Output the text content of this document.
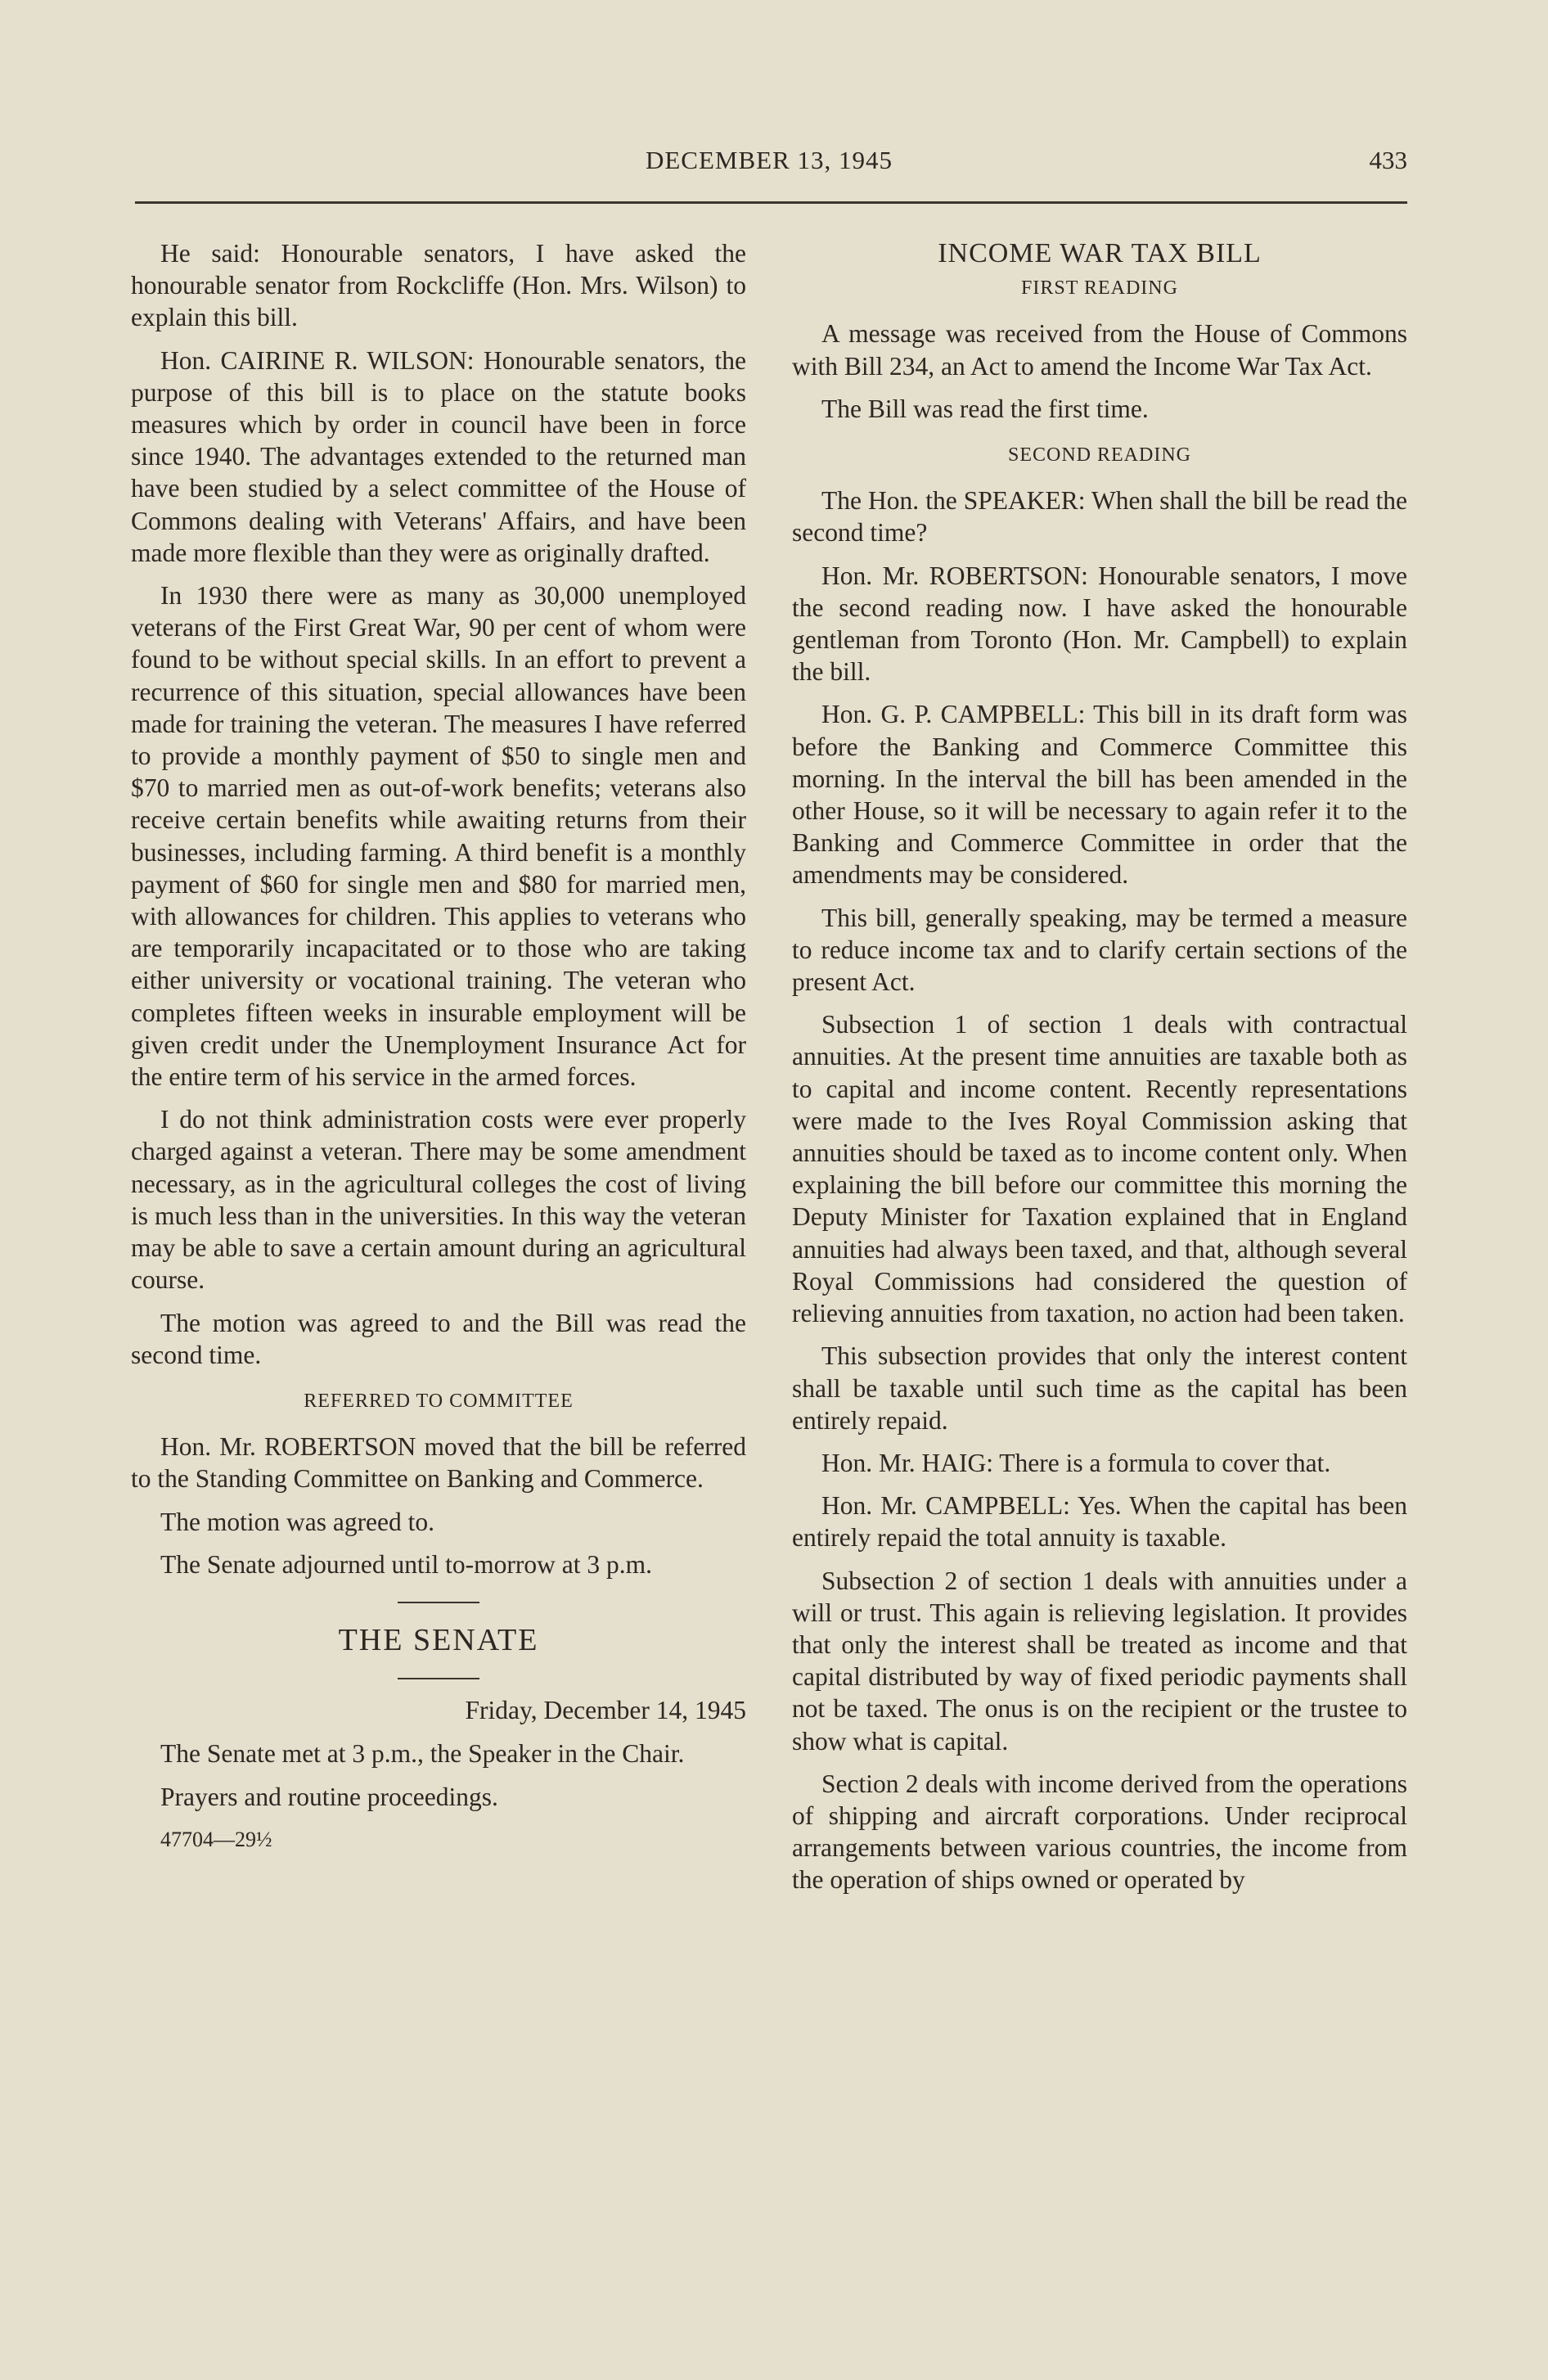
DECEMBER 13, 1945	433

He said: Honourable senators, I have asked the honourable senator from Rockcliffe (Hon. Mrs. Wilson) to explain this bill.

Hon. CAIRINE R. WILSON: Honourable senators, the purpose of this bill is to place on the statute books measures which by order in council have been in force since 1940. The advantages extended to the returned man have been studied by a select committee of the House of Commons dealing with Veterans' Affairs, and have been made more flexible than they were as originally drafted.

In 1930 there were as many as 30,000 unemployed veterans of the First Great War, 90 per cent of whom were found to be without special skills. In an effort to prevent a recurrence of this situation, special allowances have been made for training the veteran. The measures I have referred to provide a monthly payment of $50 to single men and $70 to married men as out-of-work benefits; veterans also receive certain benefits while awaiting returns from their businesses, including farming. A third benefit is a monthly payment of $60 for single men and $80 for married men, with allowances for children. This applies to veterans who are temporarily incapacitated or to those who are taking either university or vocational training. The veteran who completes fifteen weeks in insurable employment will be given credit under the Unemployment Insurance Act for the entire term of his service in the armed forces.

I do not think administration costs were ever properly charged against a veteran. There may be some amendment necessary, as in the agricultural colleges the cost of living is much less than in the universities. In this way the veteran may be able to save a certain amount during an agricultural course.

The motion was agreed to and the Bill was read the second time.

REFERRED TO COMMITTEE

Hon. Mr. ROBERTSON moved that the bill be referred to the Standing Committee on Banking and Commerce.

The motion was agreed to.

The Senate adjourned until to-morrow at 3 p.m.

THE SENATE
Friday, December 14, 1945

The Senate met at 3 p.m., the Speaker in the Chair.

Prayers and routine proceedings.

47704—29½
INCOME WAR TAX BILL
FIRST READING

A message was received from the House of Commons with Bill 234, an Act to amend the Income War Tax Act.

The Bill was read the first time.

SECOND READING

The Hon. the SPEAKER: When shall the bill be read the second time?

Hon. Mr. ROBERTSON: Honourable senators, I move the second reading now. I have asked the honourable gentleman from Toronto (Hon. Mr. Campbell) to explain the bill.

Hon. G. P. CAMPBELL: This bill in its draft form was before the Banking and Commerce Committee this morning. In the interval the bill has been amended in the other House, so it will be necessary to again refer it to the Banking and Commerce Committee in order that the amendments may be considered.

This bill, generally speaking, may be termed a measure to reduce income tax and to clarify certain sections of the present Act.

Subsection 1 of section 1 deals with contractual annuities. At the present time annuities are taxable both as to capital and income content. Recently representations were made to the Ives Royal Commission asking that annuities should be taxed as to income content only. When explaining the bill before our committee this morning the Deputy Minister for Taxation explained that in England annuities had always been taxed, and that, although several Royal Commissions had considered the question of relieving annuities from taxation, no action had been taken.

This subsection provides that only the interest content shall be taxable until such time as the capital has been entirely repaid.

Hon. Mr. HAIG: There is a formula to cover that.

Hon. Mr. CAMPBELL: Yes. When the capital has been entirely repaid the total annuity is taxable.

Subsection 2 of section 1 deals with annuities under a will or trust. This again is relieving legislation. It provides that only the interest shall be treated as income and that capital distributed by way of fixed periodic payments shall not be taxed. The onus is on the recipient or the trustee to show what is capital.

Section 2 deals with income derived from the operations of shipping and aircraft corporations. Under reciprocal arrangements between various countries, the income from the operation of ships owned or operated by
